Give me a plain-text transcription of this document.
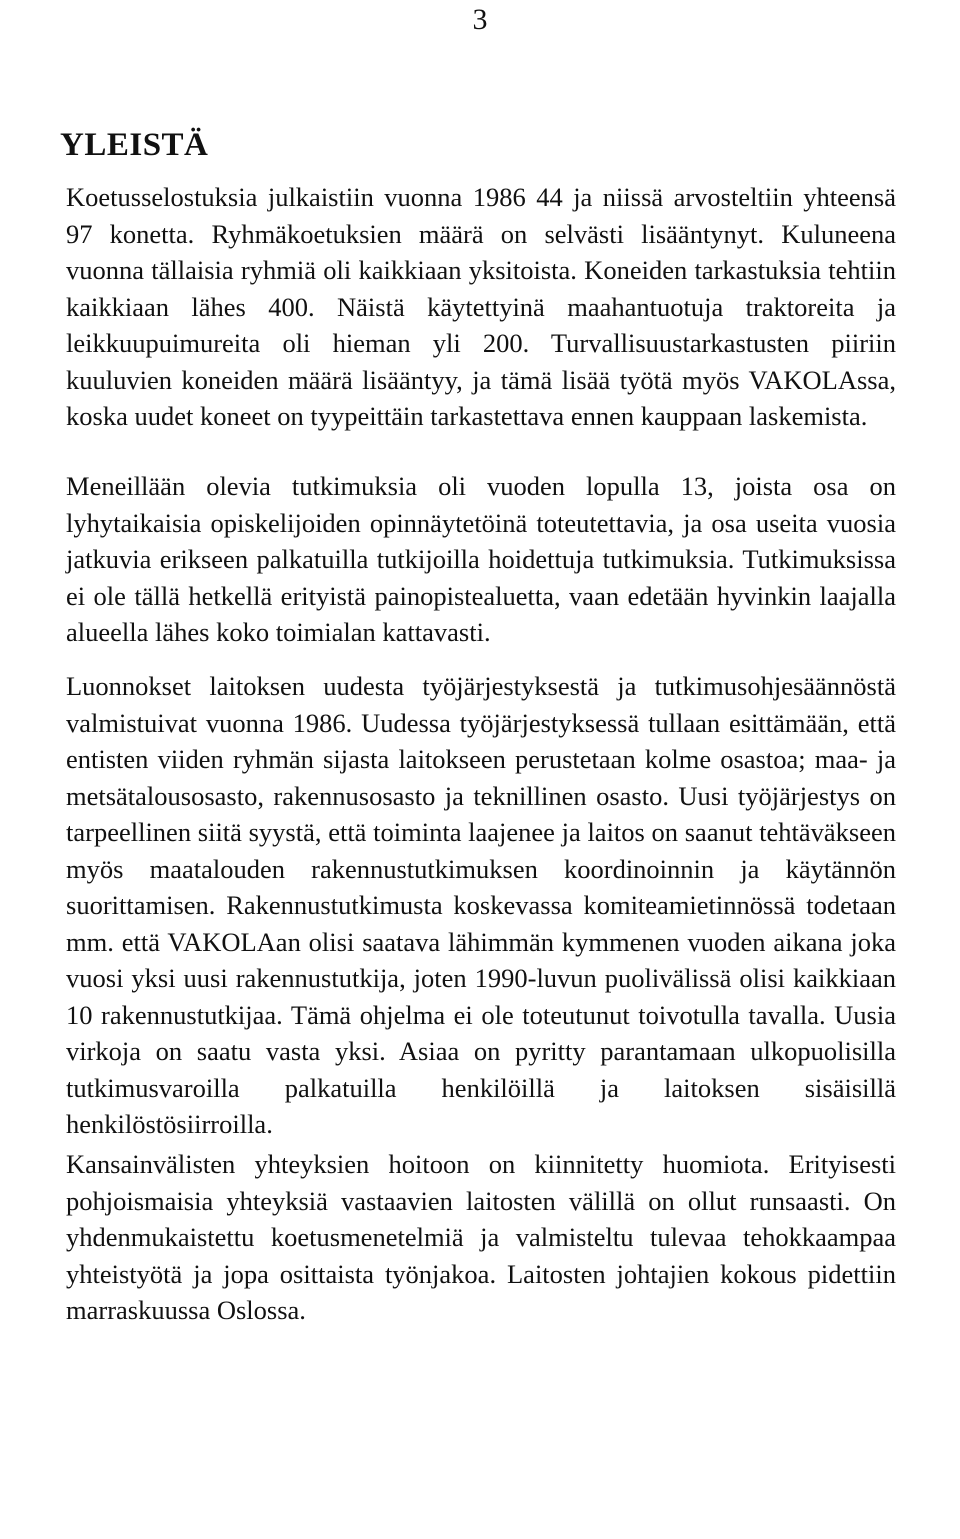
3
YLEISTÄ

Koetusselostuksia julkaistiin vuonna 1986 44 ja niissä arvosteltiin yhteensä 97 konetta. Ryhmäkoetuksien määrä on selvästi lisääntynyt. Kuluneena vuonna tällaisia ryhmiä oli kaikkiaan yksitoista. Koneiden tarkastuksia tehtiin kaikkiaan lähes 400. Näistä käytettyinä maahantuotuja traktoreita ja leikkuupuimureita oli hieman yli 200. Turvallisuustarkastusten piiriin kuuluvien koneiden määrä lisääntyy, ja tämä lisää työtä myös VAKOLAssa, koska uudet koneet on tyypeittäin tarkastettava ennen kauppaan laskemista.

Meneillään olevia tutkimuksia oli vuoden lopulla 13, joista osa on lyhytaikaisia opiskelijoiden opinnäytetöinä toteutettavia, ja osa useita vuosia jatkuvia erikseen palkatuilla tutkijoilla hoidettuja tutkimuksia. Tutkimuksissa ei ole tällä hetkellä erityistä painopistealuetta, vaan edetään hyvinkin laajalla alueella lähes koko toimialan kattavasti.

Luonnokset laitoksen uudesta työjärjestyksestä ja tutkimusohjesäännöstä valmistuivat vuonna 1986. Uudessa työjärjestyksessä tullaan esittämään, että entisten viiden ryhmän sijasta laitokseen perustetaan kolme osastoa; maa- ja metsätalousosasto, rakennusosasto ja teknillinen osasto. Uusi työjärjestys on tarpeellinen siitä syystä, että toiminta laajenee ja laitos on saanut tehtäväkseen myös maatalouden rakennustutkimuksen koordinoinnin ja käytännön suorittamisen. Rakennustutkimusta koskevassa komiteamietinnössä todetaan mm. että VAKOLAan olisi saatava lähimmän kymmenen vuoden aikana joka vuosi yksi uusi rakennustutkija, joten 1990-luvun puolivälissä olisi kaikkiaan 10 rakennustutkijaa. Tämä ohjelma ei ole toteutunut toivotulla tavalla. Uusia virkoja on saatu vasta yksi. Asiaa on pyritty parantamaan ulkopuolisilla tutkimusvaroilla palkatuilla henkilöillä ja laitoksen sisäisillä henkilöstösiirroilla.

Kansainvälisten yhteyksien hoitoon on kiinnitetty huomiota. Erityisesti pohjoismaisia yhteyksiä vastaavien laitosten välillä on ollut runsaasti. On yhdenmukaistettu koetusmenetelmiä ja valmisteltu tulevaa tehokkaampaa yhteistyötä ja jopa osittaista työnjakoa. Laitosten johtajien kokous pidettiin marraskuussa Oslossa.
